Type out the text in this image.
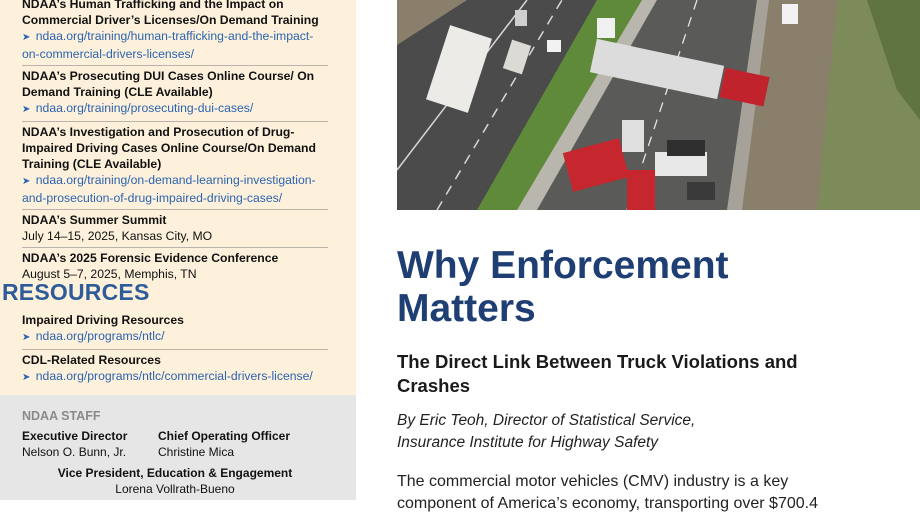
NDAA’s Human Trafficking and the Impact on Commercial Driver’s Licenses/On Demand Training
➤ ndaa.org/training/human-trafficking-and-the-impact-on-commercial-drivers-licenses/
NDAA’s Prosecuting DUI Cases Online Course/ On Demand Training (CLE Available)
➤ ndaa.org/training/prosecuting-dui-cases/
NDAA’s Investigation and Prosecution of Drug-Impaired Driving Cases Online Course/On Demand Training (CLE Available)
➤ ndaa.org/training/on-demand-learning-investigation-and-prosecution-of-drug-impaired-driving-cases/
NDAA’s Summer Summit
July 14–15, 2025, Kansas City, MO
NDAA’s 2025 Forensic Evidence Conference
August 5–7, 2025, Memphis, TN
RESOURCES
Impaired Driving Resources
➤ ndaa.org/programs/ntlc/
CDL-Related Resources
➤ ndaa.org/programs/ntlc/commercial-drivers-license/
NDAA STAFF
Executive Director
Nelson O. Bunn, Jr.
Chief Operating Officer
Christine Mica
Vice President, Education & Engagement
Lorena Vollrath-Bueno
Why Enforcement
Matters
The Direct Link Between Truck Violations and Crashes

By Eric Teoh, Director of Statistical Service,
Insurance Institute for Highway Safety

The commercial motor vehicles (CMV) industry is a key component of America’s economy, transporting over $700.4
